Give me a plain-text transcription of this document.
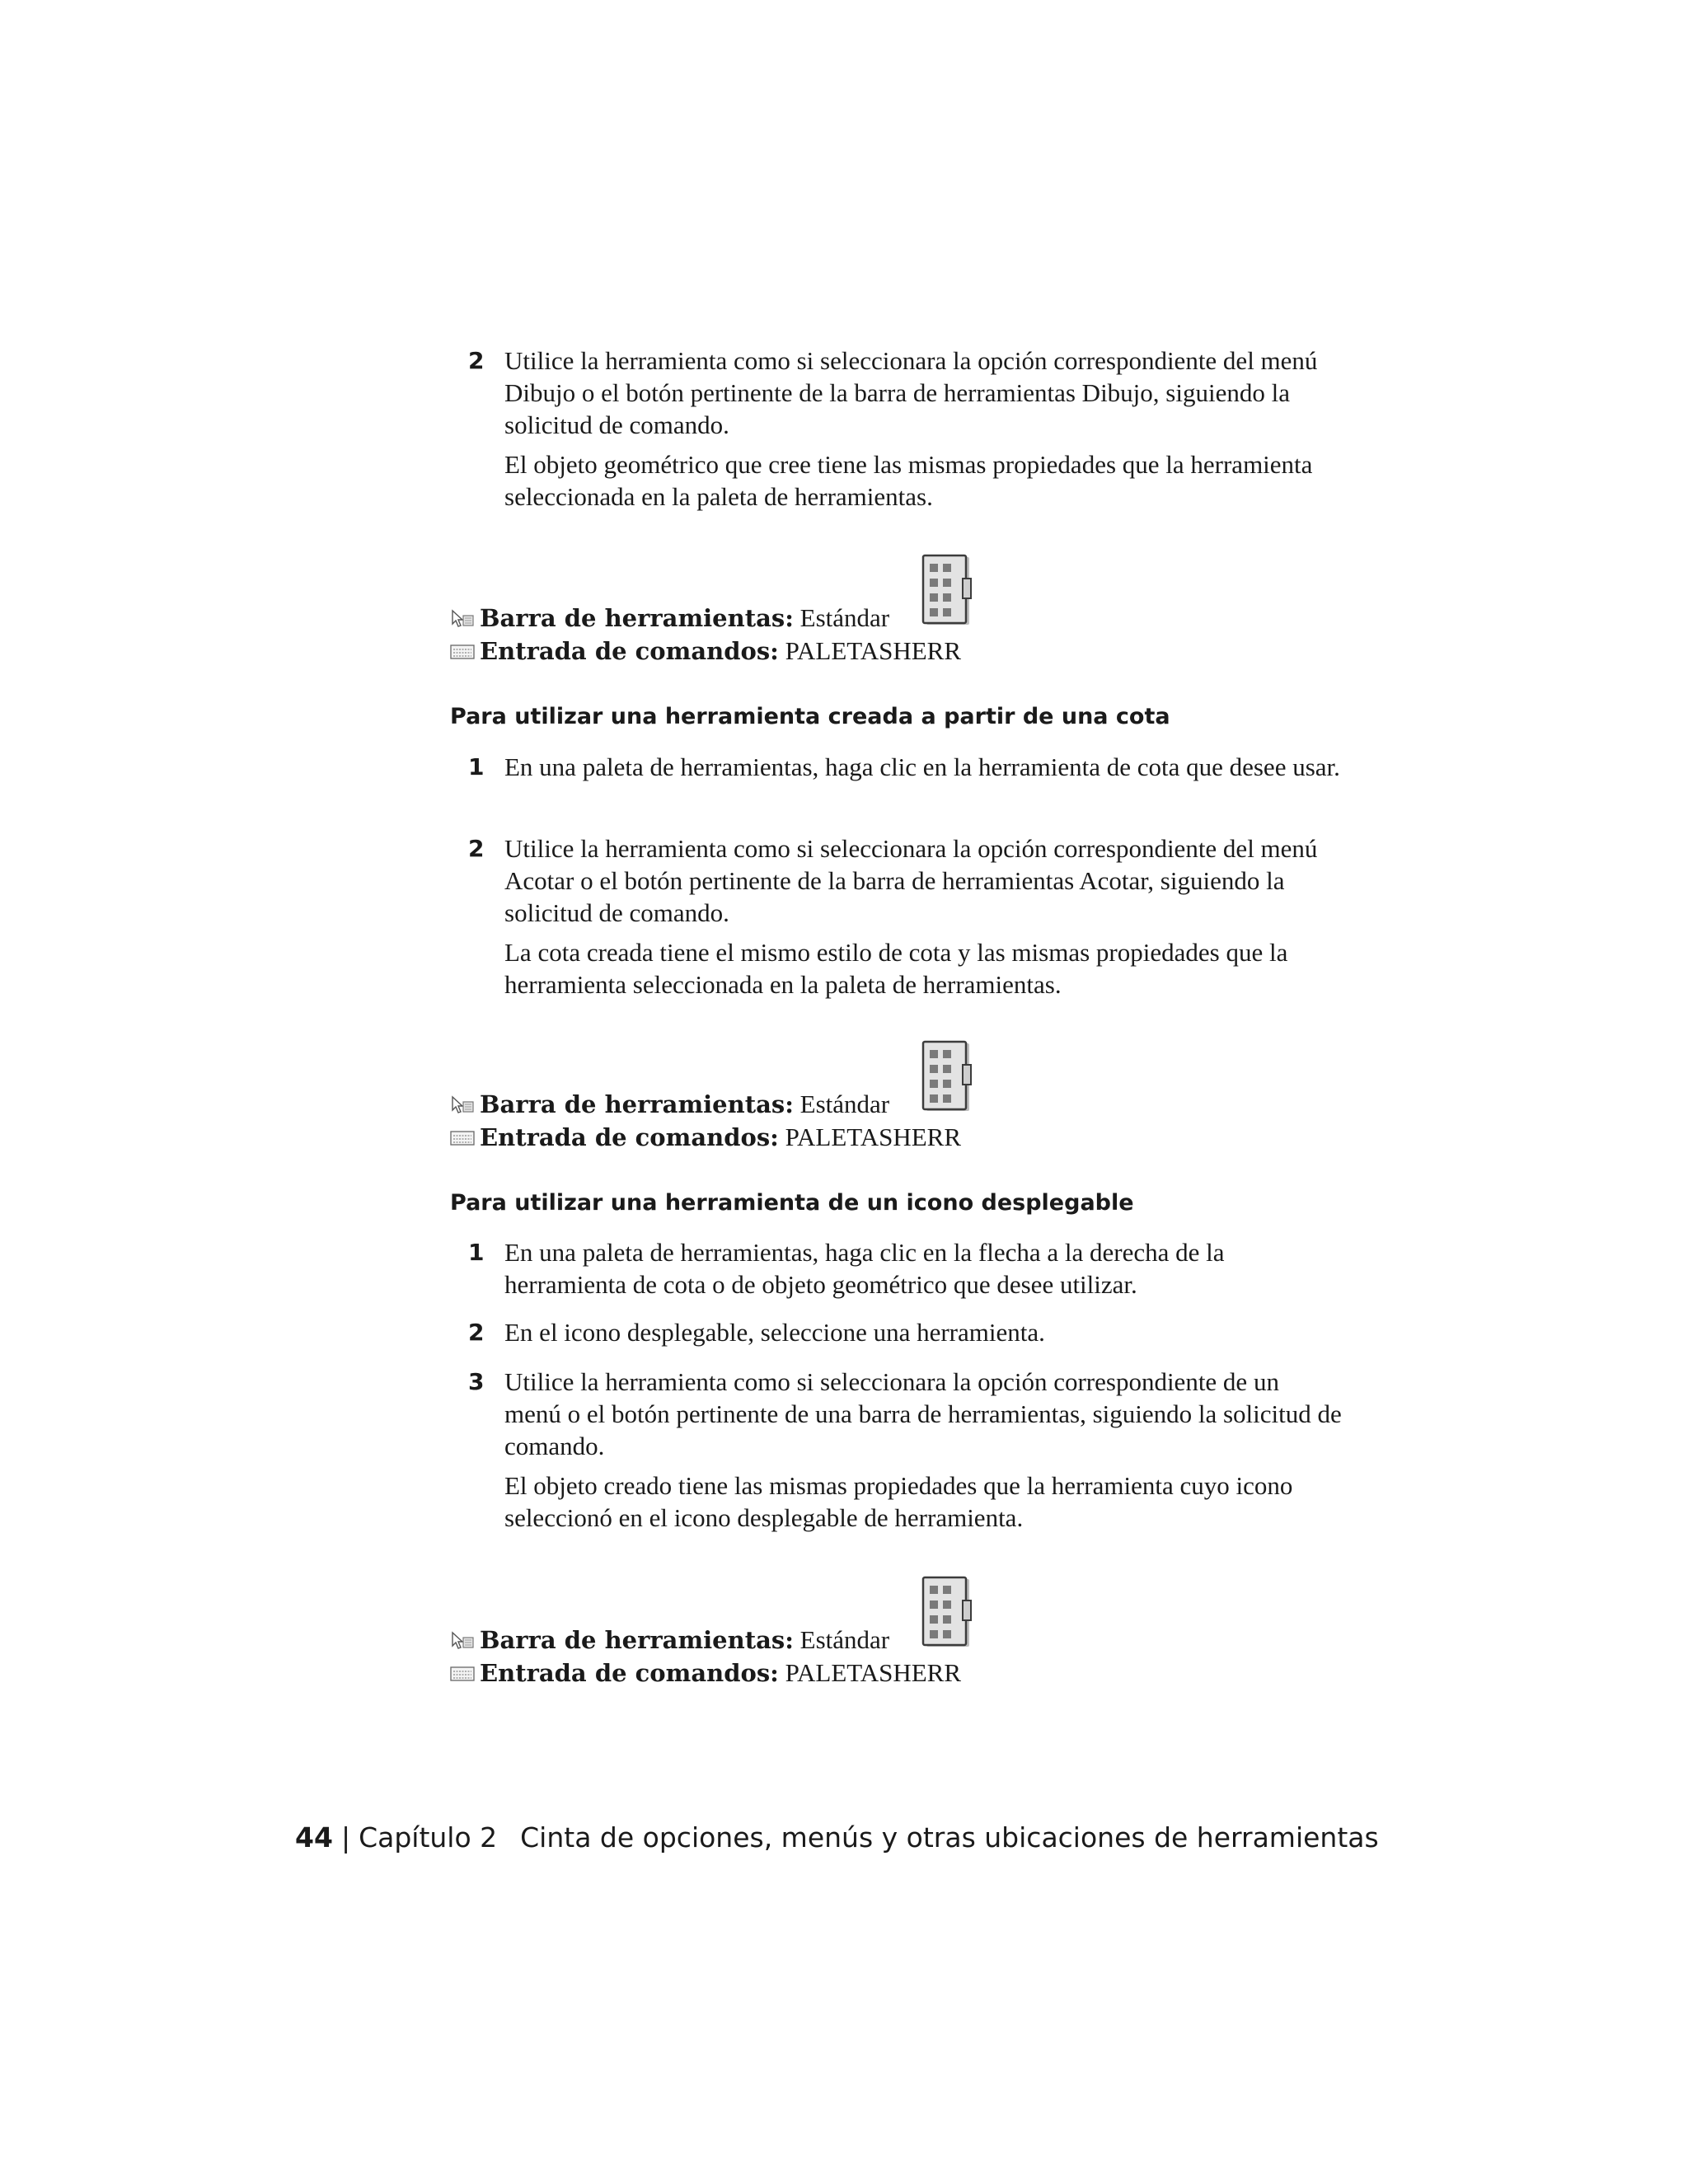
2 Utilice la herramienta como si seleccionara la opción correspondiente del menú Dibujo o el botón pertinente de la barra de herramientas Dibujo, siguiendo la solicitud de comando.

El objeto geométrico que cree tiene las mismas propiedades que la herramienta seleccionada en la paleta de herramientas.

Barra de herramientas: Estándar
Entrada de comandos: PALETASHERR
Para utilizar una herramienta creada a partir de una cota
1 En una paleta de herramientas, haga clic en la herramienta de cota que desee usar.

2 Utilice la herramienta como si seleccionara la opción correspondiente del menú Acotar o el botón pertinente de la barra de herramientas Acotar, siguiendo la solicitud de comando.

La cota creada tiene el mismo estilo de cota y las mismas propiedades que la herramienta seleccionada en la paleta de herramientas.

Barra de herramientas: Estándar
Entrada de comandos: PALETASHERR
Para utilizar una herramienta de un icono desplegable
1 En una paleta de herramientas, haga clic en la flecha a la derecha de la herramienta de cota o de objeto geométrico que desee utilizar.

2 En el icono desplegable, seleccione una herramienta.

3 Utilice la herramienta como si seleccionara la opción correspondiente de un menú o el botón pertinente de una barra de herramientas, siguiendo la solicitud de comando.

El objeto creado tiene las mismas propiedades que la herramienta cuyo icono seleccionó en el icono desplegable de herramienta.

Barra de herramientas: Estándar
Entrada de comandos: PALETASHERR
44 | Capítulo 2 Cinta de opciones, menús y otras ubicaciones de herramientas
